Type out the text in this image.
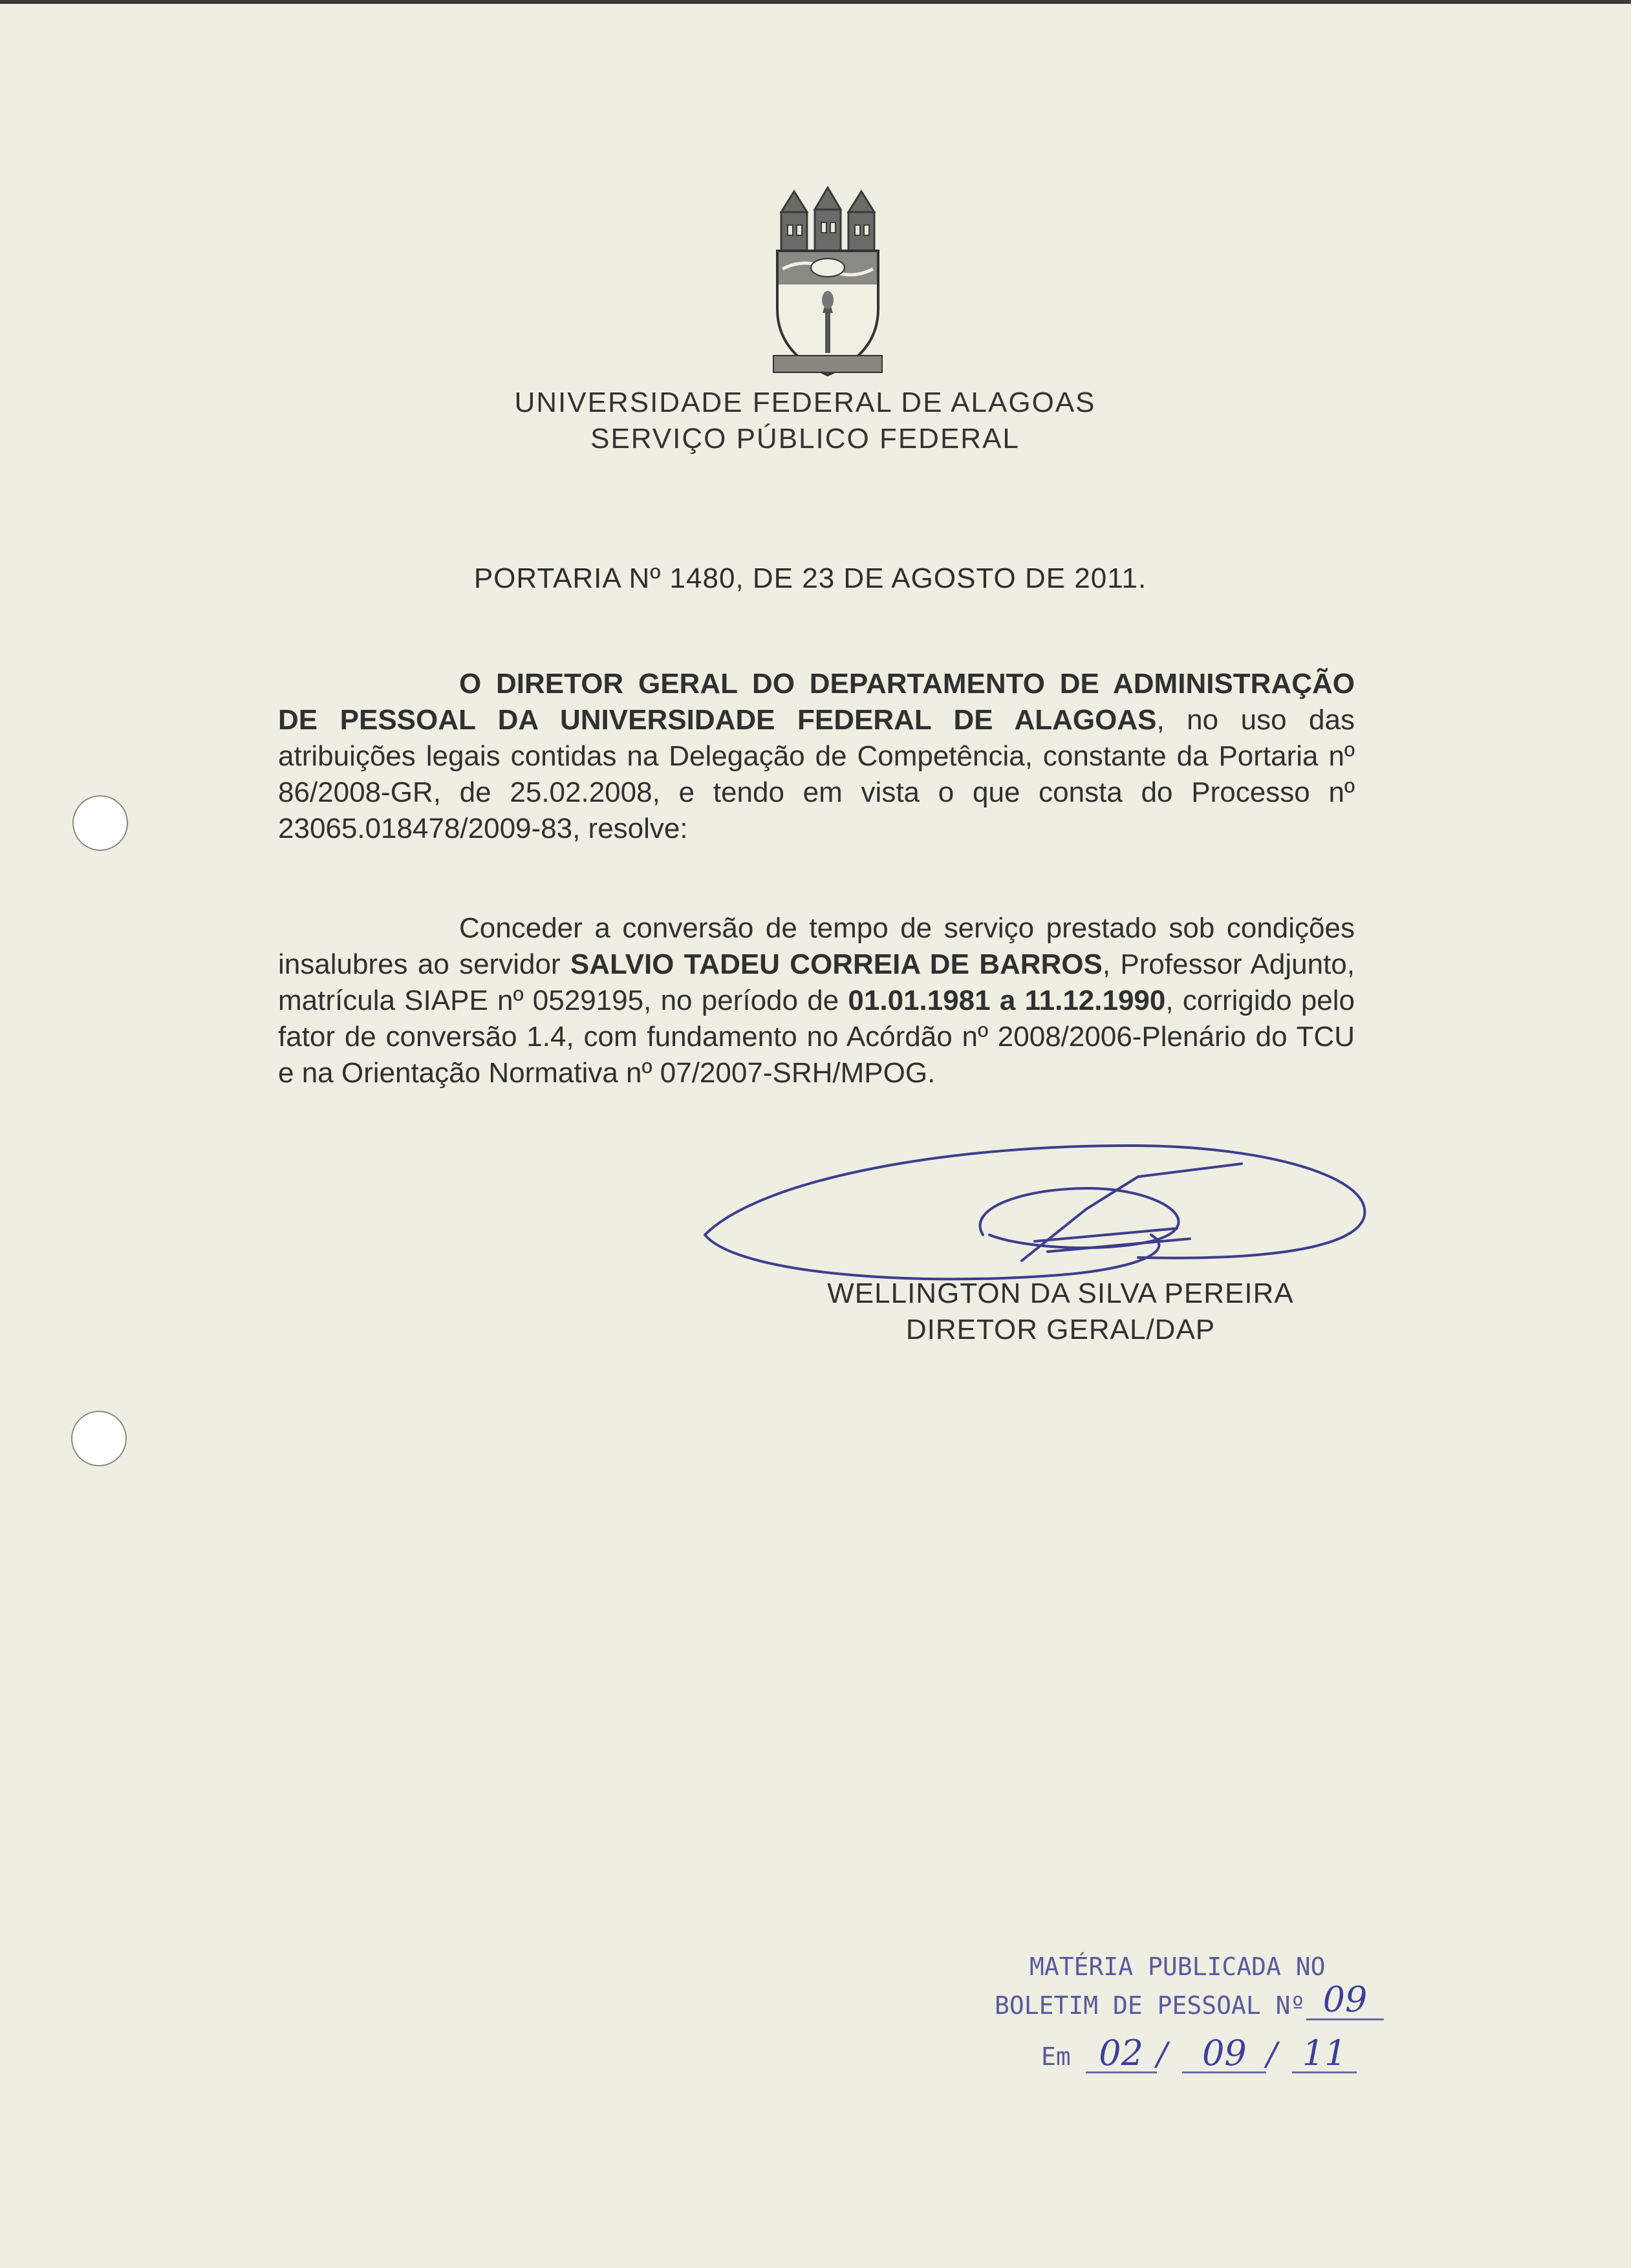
UNIVERSIDADE FEDERAL DE ALAGOAS
SERVIÇO PÚBLICO FEDERAL
PORTARIA Nº 1480, DE 23 DE AGOSTO DE 2011.
O DIRETOR GERAL DO DEPARTAMENTO DE ADMINISTRAÇÃO DE PESSOAL DA UNIVERSIDADE FEDERAL DE ALAGOAS, no uso das atribuições legais contidas na Delegação de Competência, constante da Portaria nº 86/2008-GR, de 25.02.2008, e tendo em vista o que consta do Processo nº 23065.018478/2009-83, resolve:
Conceder a conversão de tempo de serviço prestado sob condições insalubres ao servidor SALVIO TADEU CORREIA DE BARROS, Professor Adjunto, matrícula SIAPE nº 0529195, no período de 01.01.1981 a 11.12.1990, corrigido pelo fator de conversão 1.4, com fundamento no Acórdão nº 2008/2006-Plenário do TCU e na Orientação Normativa nº 07/2007-SRH/MPOG.
WELLINGTON DA SILVA PEREIRA
DIRETOR GERAL/DAP
MATÉRIA PUBLICADA NO
BOLETIM DE PESSOAL Nº 09
Em 02 / 09 / 11
